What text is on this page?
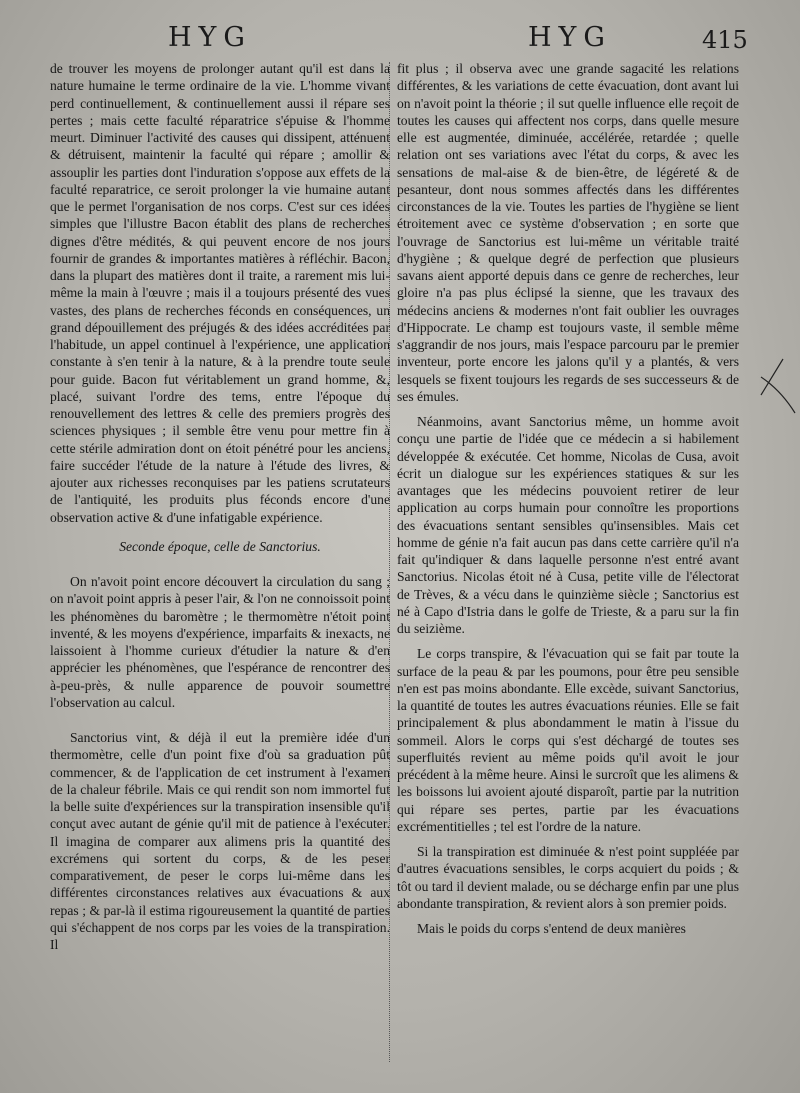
HYG	HYG	415

de trouver les moyens de prolonger autant qu'il est dans la nature humaine le terme ordinaire de la vie. L'homme vivant perd continuellement, & continuellement aussi il répare ses pertes ; mais cette faculté réparatrice s'épuise & l'homme meurt. Diminuer l'activité des causes qui dissipent, atténuent & détruisent, maintenir la faculté qui répare ; amollir & assouplir les parties dont l'induration s'oppose aux effets de la faculté reparatrice, ce seroit prolonger la vie humaine autant que le permet l'organisation de nos corps. C'est sur ces idées simples que l'illustre Bacon établit des plans de recherches dignes d'être médités, & qui peuvent encore de nos jours fournir de grandes & importantes matières à réfléchir. Bacon, dans la plupart des matières dont il traite, a rarement mis lui-même la main à l'œuvre ; mais il a toujours présenté des vues vastes, des plans de recherches féconds en conséquences, un grand dépouillement des préjugés & des idées accréditées par l'habitude, un appel continuel à l'expérience, une application constante à s'en tenir à la nature, & à la prendre toute seule pour guide. Bacon fut véritablement un grand homme, &, placé, suivant l'ordre des tems, entre l'époque du renouvellement des lettres & celle des premiers progrès des sciences physiques ; il semble être venu pour mettre fin à cette stérile admiration dont on étoit pénétré pour les anciens, faire succéder l'étude de la nature à l'étude des livres, & ajouter aux richesses reconquises par les patiens scrutateurs de l'antiquité, les produits plus féconds encore d'une observation active & d'une infatigable expérience.

Seconde époque, celle de Sanctorius.

On n'avoit point encore découvert la circulation du sang ; on n'avoit point appris à peser l'air, & l'on ne connoissoit point les phénomènes du baromètre ; le thermomètre n'étoit point inventé, & les moyens d'expérience, imparfaits & inexacts, ne laissoient à l'homme curieux d'étudier la nature & d'en apprécier les phénomènes, que l'espérance de rencontrer des à-peu-près, & nulle apparence de pouvoir soumettre l'observation au calcul.

Sanctorius vint, & déjà il eut la première idée d'un thermomètre, celle d'un point fixe d'où sa graduation pût commencer, & de l'application de cet instrument à l'examen de la chaleur fébrile. Mais ce qui rendit son nom immortel fut la belle suite d'expériences sur la transpiration insensible qu'il conçut avec autant de génie qu'il mit de patience à l'exécuter. Il imagina de comparer aux alimens pris la quantité des excrémens qui sortent du corps, & de les peser comparativement, de peser le corps lui-même dans les différentes circonstances relatives aux évacuations & aux repas ; & par-là il estima rigoureusement la quantité de parties qui s'échappent de nos corps par les voies de la transpiration. Il

fit plus ; il observa avec une grande sagacité les relations différentes, & les variations de cette évacuation, dont avant lui on n'avoit point la théorie ; il sut quelle influence elle reçoit de toutes les causes qui affectent nos corps, dans quelle mesure elle est augmentée, diminuée, accélérée, retardée ; quelle relation ont ses variations avec l'état du corps, & avec les sensations de mal-aise & de bien-être, de légéreté & de pesanteur, dont nous sommes affectés dans les différentes circonstances de la vie. Toutes les parties de l'hygiène se lient étroitement avec ce système d'observation ; en sorte que l'ouvrage de Sanctorius est lui-même un véritable traité d'hygiène ; & quelque degré de perfection que plusieurs savans aient apporté depuis dans ce genre de recherches, leur gloire n'a pas plus éclipsé la sienne, que les travaux des médecins anciens & modernes n'ont fait oublier les ouvrages d'Hippocrate. Le champ est toujours vaste, il semble même s'aggrandir de nos jours, mais l'espace parcouru par le premier inventeur, porte encore les jalons qu'il y a plantés, & vers lesquels se fixent toujours les regards de ses successeurs & de ses émules.

Néanmoins, avant Sanctorius même, un homme avoit conçu une partie de l'idée que ce médecin a si habilement développée & exécutée. Cet homme, Nicolas de Cusa, avoit écrit un dialogue sur les expériences statiques & sur les avantages que les médecins pouvoient retirer de leur application au corps humain pour connoître les proportions des évacuations sentant sensibles qu'insensibles. Mais cet homme de génie n'a fait aucun pas dans cette carrière qu'il n'a fait qu'indiquer & dans laquelle personne n'est entré avant Sanctorius. Nicolas étoit né à Cusa, petite ville de l'électorat de Trèves, & a vécu dans le quinzième siècle ; Sanctorius est né à Capo d'Istria dans le golfe de Trieste, & a paru sur la fin du seizième.

Le corps transpire, & l'évacuation qui se fait par toute la surface de la peau & par les poumons, pour être peu sensible n'en est pas moins abondante. Elle excède, suivant Sanctorius, la quantité de toutes les autres évacuations réunies. Elle se fait principalement & plus abondamment le matin à l'issue du sommeil. Alors le corps qui s'est déchargé de toutes ses superfluités revient au même poids qu'il avoit le jour précédent à la même heure. Ainsi le surcroît que les alimens & les boissons lui avoient ajouté disparoît, partie par la nutrition qui répare ses pertes, partie par les évacuations excrémentitielles ; tel est l'ordre de la nature.

Si la transpiration est diminuée & n'est point suppléée par d'autres évacuations sensibles, le corps acquiert du poids ; & tôt ou tard il devient malade, ou se décharge enfin par une plus abondante transpiration, & revient alors à son premier poids.

Mais le poids du corps s'entend de deux manières
